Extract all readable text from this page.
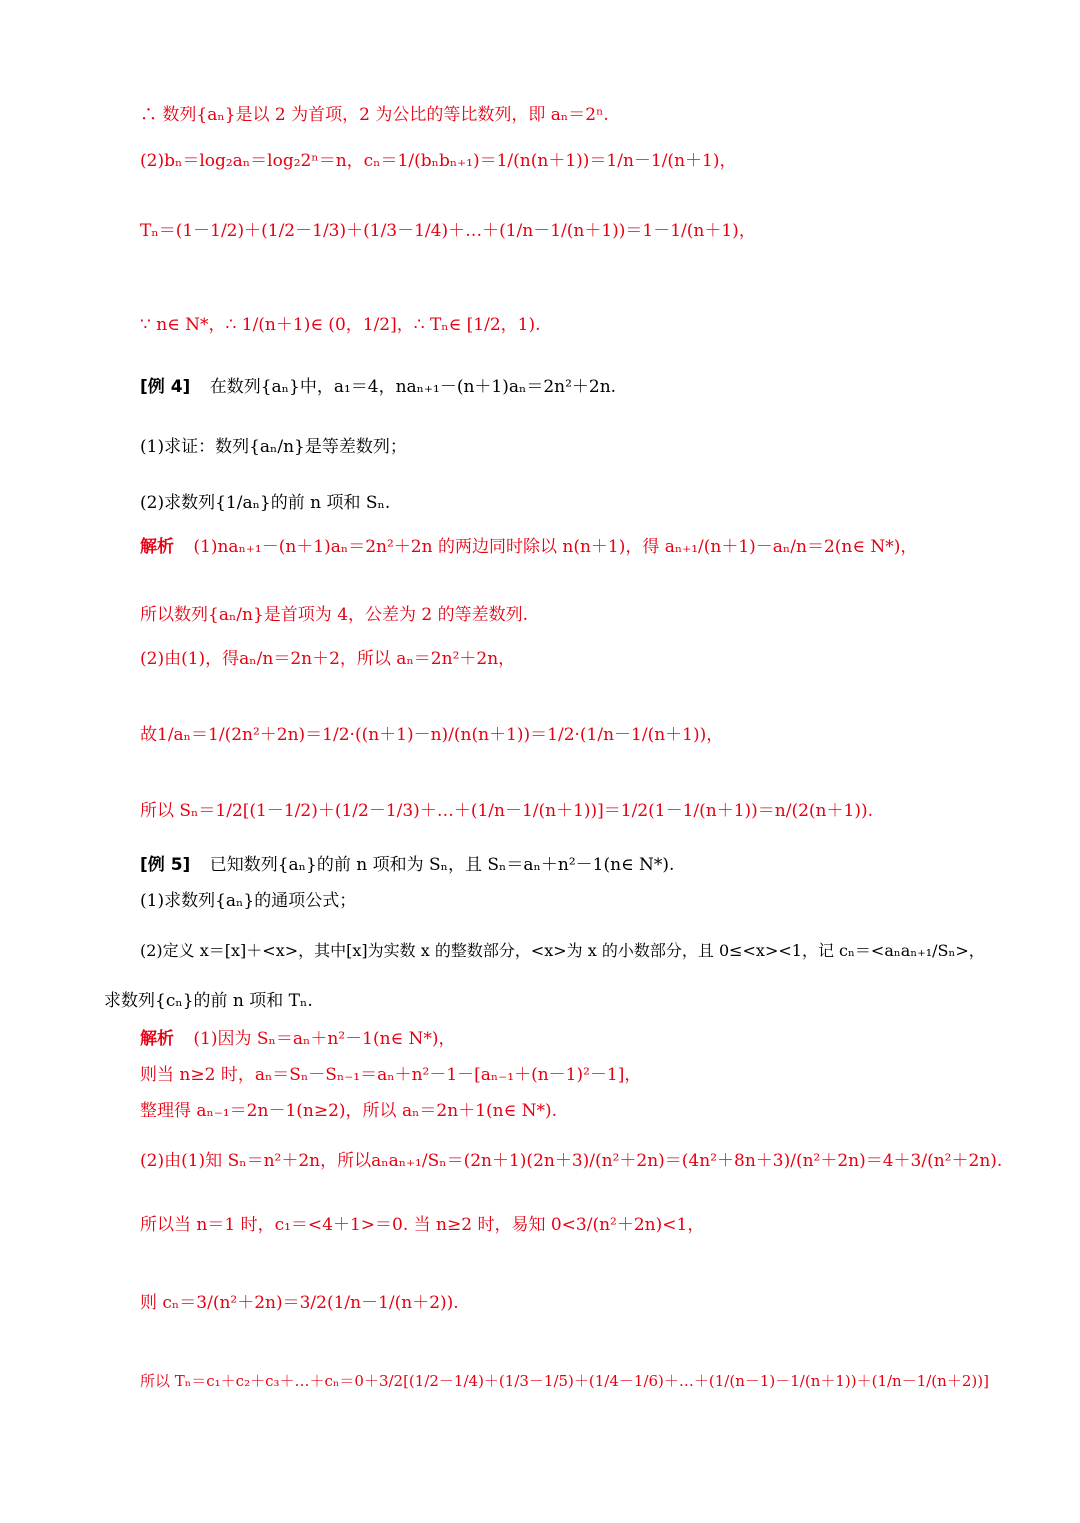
∴ 数列{aₙ}是以 2 为首项，2 为公比的等比数列，即 aₙ＝2ⁿ.
(2)bₙ＝log₂aₙ＝log₂2ⁿ＝n，cₙ＝1/(bₙbₙ₊₁)＝1/(n(n＋1))＝1/n－1/(n＋1)，
Tₙ＝(1－1/2)＋(1/2－1/3)＋(1/3－1/4)＋…＋(1/n－1/(n＋1))＝1－1/(n＋1)，
∵ n∈ N*，∴ 1/(n＋1)∈ (0，1/2]，∴ Tₙ∈ [1/2，1).
[例 4] 在数列{aₙ}中，a₁＝4，naₙ₊₁－(n＋1)aₙ＝2n²＋2n.
(1)求证：数列{aₙ/n}是等差数列；
(2)求数列{1/aₙ}的前 n 项和 Sₙ.
解析 (1)naₙ₊₁－(n＋1)aₙ＝2n²＋2n 的两边同时除以 n(n＋1)，得 aₙ₊₁/(n＋1)－aₙ/n＝2(n∈ N*)，
所以数列{aₙ/n}是首项为 4，公差为 2 的等差数列.
(2)由(1)，得aₙ/n＝2n＋2，所以 aₙ＝2n²＋2n，
故1/aₙ＝1/(2n²＋2n)＝1/2·((n＋1)－n)/(n(n＋1))＝1/2·(1/n－1/(n＋1))，
所以 Sₙ＝1/2[(1－1/2)＋(1/2－1/3)＋…＋(1/n－1/(n＋1))]＝1/2(1－1/(n＋1))＝n/(2(n＋1)).
[例 5] 已知数列{aₙ}的前 n 项和为 Sₙ，且 Sₙ＝aₙ＋n²－1(n∈ N*).
(1)求数列{aₙ}的通项公式；
(2)定义 x＝[x]＋<x>，其中[x]为实数 x 的整数部分，<x>为 x 的小数部分，且 0≤<x><1，记 cₙ＝<aₙaₙ₊₁/Sₙ>，
求数列{cₙ}的前 n 项和 Tₙ.
解析 (1)因为 Sₙ＝aₙ＋n²－1(n∈ N*)，
则当 n≥2 时，aₙ＝Sₙ－Sₙ₋₁＝aₙ＋n²－1－[aₙ₋₁＋(n－1)²－1]，
整理得 aₙ₋₁＝2n－1(n≥2)，所以 aₙ＝2n＋1(n∈ N*).
(2)由(1)知 Sₙ＝n²＋2n，所以aₙaₙ₊₁/Sₙ＝(2n＋1)(2n＋3)/(n²＋2n)＝(4n²＋8n＋3)/(n²＋2n)＝4＋3/(n²＋2n).
所以当 n＝1 时，c₁＝<4＋1>＝0. 当 n≥2 时，易知 0<3/(n²＋2n)<1，
则 cₙ＝3/(n²＋2n)＝3/2(1/n－1/(n＋2)).
所以 Tₙ＝c₁＋c₂＋c₃＋…＋cₙ＝0＋3/2[(1/2－1/4)＋(1/3－1/5)＋(1/4－1/6)＋…＋(1/(n－1)－1/(n＋1))＋(1/n－1/(n＋2))]
